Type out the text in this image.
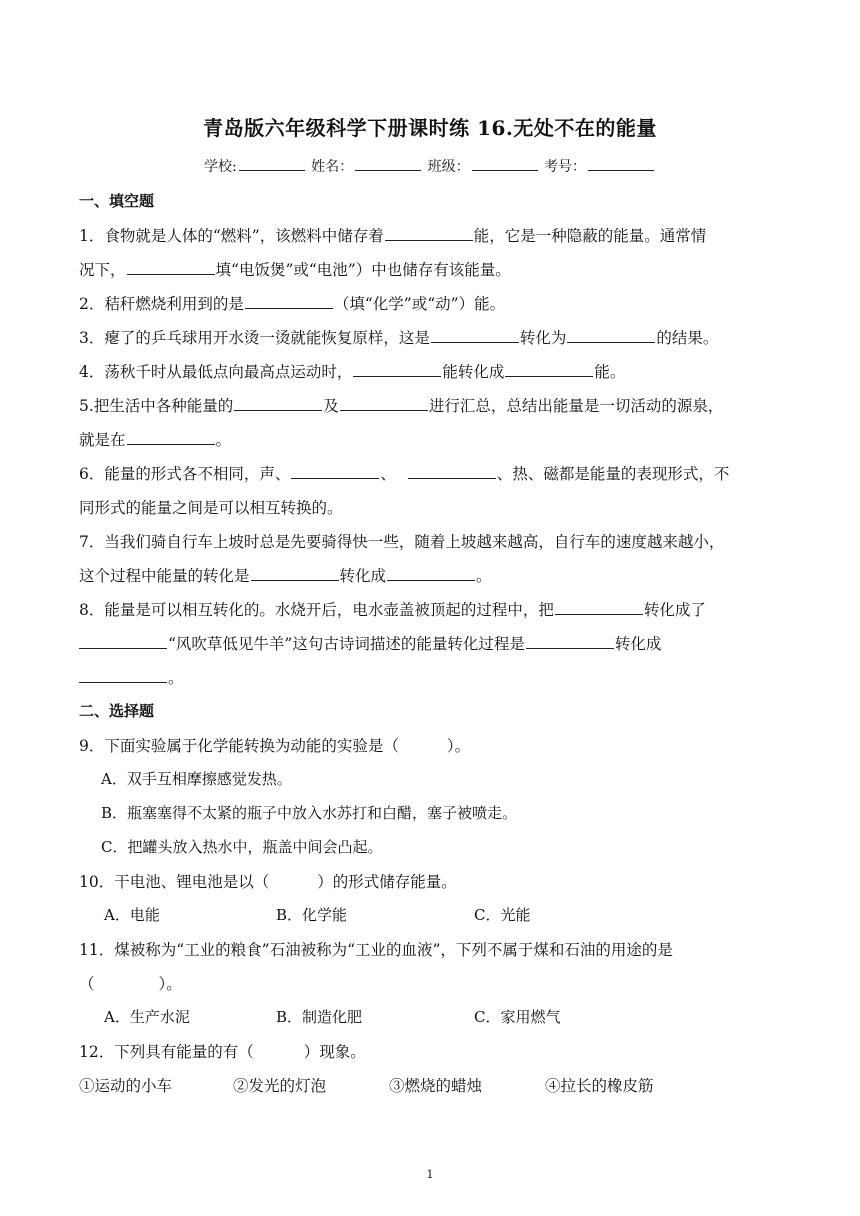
青岛版六年级科学下册课时练 16.无处不在的能量
学校:	姓名：	班级：	考号：
一、填空题
1．食物就是人体的“燃料”，该燃料中储存着	能，它是一种隐蔽的能量。通常情
况下，	填“电饭煲”或“电池”）中也储存有该能量。
2．秸秆燃烧利用到的是	（填“化学”或“动”）能。
3．瘪了的乒乓球用开水烫一烫就能恢复原样，这是	转化为	的结果。
4．荡秋千时从最低点向最高点运动时，	能转化成	能。
5.把生活中各种能量的	及	进行汇总，总结出能量是一切活动的源泉，
就是在	。
6．能量的形式各不相同，声、	、	、热、磁都是能量的表现形式，不
同形式的能量之间是可以相互转换的。
7．当我们骑自行车上坡时总是先要骑得快一些，随着上坡越来越高，自行车的速度越来越小，
这个过程中能量的转化是	转化成	。
8．能量是可以相互转化的。水烧开后，电水壶盖被顶起的过程中，把	转化成了
“风吹草低见牛羊”这句古诗词描述的能量转化过程是	转化成
。
二、选择题
9．下面实验属于化学能转换为动能的实验是（	）。
A．双手互相摩擦感觉发热。
B．瓶塞塞得不太紧的瓶子中放入水苏打和白醋，塞子被喷走。
C．把罐头放入热水中，瓶盖中间会凸起。
10．干电池、锂电池是以（	）的形式储存能量。
A．电能	B．化学能	C．光能
11．煤被称为“工业的粮食”石油被称为“工业的血液”，下列不属于煤和石油的用途的是
（	）。
A．生产水泥	B．制造化肥	C．家用燃气
12．下列具有能量的有（	）现象。
①运动的小车	②发光的灯泡	③燃烧的蜡烛	④拉长的橡皮筋
1
